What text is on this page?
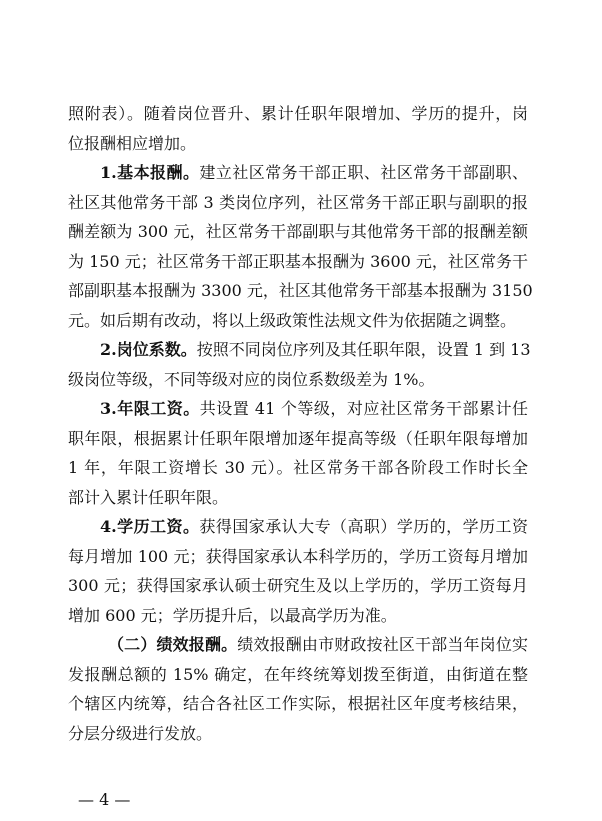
照附表）。随着岗位晋升、累计任职年限增加、学历的提升，岗
位报酬相应增加。
1.基本报酬。建立社区常务干部正职、社区常务干部副职、
社区其他常务干部 3 类岗位序列，社区常务干部正职与副职的报
酬差额为 300 元，社区常务干部副职与其他常务干部的报酬差额
为 150 元；社区常务干部正职基本报酬为 3600 元，社区常务干
部副职基本报酬为 3300 元，社区其他常务干部基本报酬为 3150
元。如后期有改动，将以上级政策性法规文件为依据随之调整。
2.岗位系数。按照不同岗位序列及其任职年限，设置 1 到 13
级岗位等级，不同等级对应的岗位系数级差为 1%。
3.年限工资。共设置 41 个等级，对应社区常务干部累计任
职年限，根据累计任职年限增加逐年提高等级（任职年限每增加
1 年，年限工资增长 30 元）。社区常务干部各阶段工作时长全
部计入累计任职年限。
4.学历工资。获得国家承认大专（高职）学历的，学历工资
每月增加 100 元；获得国家承认本科学历的，学历工资每月增加
300 元；获得国家承认硕士研究生及以上学历的，学历工资每月
增加 600 元；学历提升后，以最高学历为准。
（二）绩效报酬。绩效报酬由市财政按社区干部当年岗位实
发报酬总额的 15% 确定，在年终统筹划拨至街道，由街道在整
个辖区内统筹，结合各社区工作实际，根据社区年度考核结果，
分层分级进行发放。
— 4 —
